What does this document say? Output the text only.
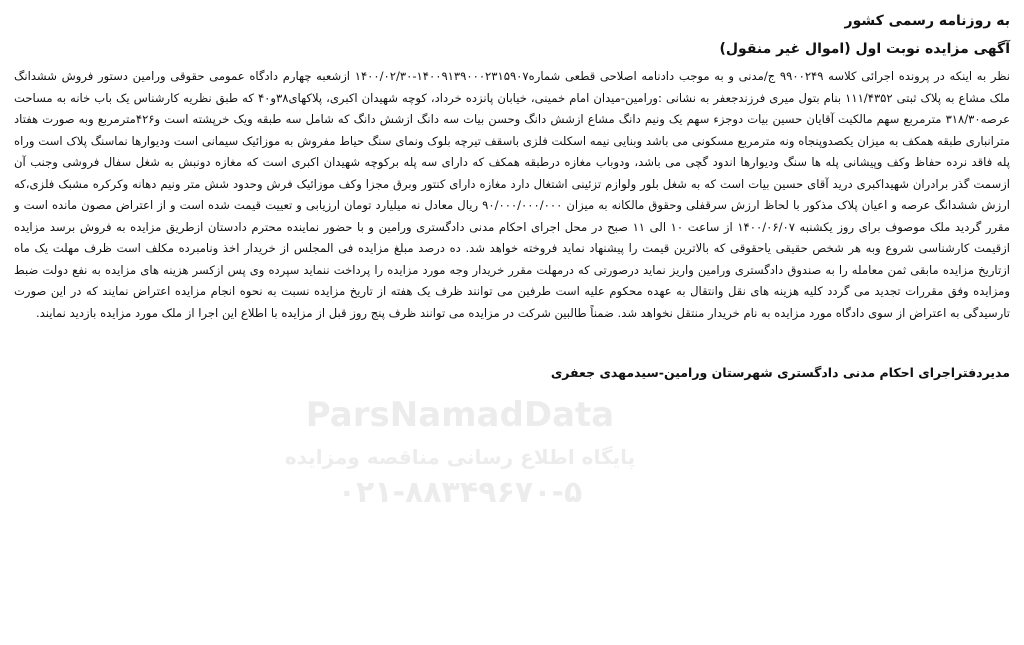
به روزنامه رسمی کشور
آگهی مزایده نوبت اول (اموال غیر منقول)

نظر به اینکه در پرونده اجرائی کلاسه ۹۹۰۰۲۴۹ ج/مدنی و به موجب دادنامه اصلاحی قطعی شماره۱۴۰۰۹۱۳۹۰۰۰۲۳۱۵۹۰۷-۱۴۰۰/۰۲/۳۰ ازشعبه چهارم دادگاه عمومی حقوقی ورامین دستور فروش ششدانگ ملک مشاع به پلاک ثبتی ۱۱۱/۴۳۵۲ بنام بتول میری فرزندجعفر به نشانی :ورامین-میدان امام خمینی، خیابان پانزده خرداد، کوچه شهیدان اکبری، پلاکهای۳۸و۴۰ که طبق نظریه کارشناس یک باب خانه به مساحت عرصه۳۱۸/۳۰ مترمربع سهم مالکیت آقایان حسین بیات دوجزء سهم یک ونیم دانگ مشاع ازشش دانگ وحسن بیات سه دانگ ازشش دانگ که شامل سه طبقه ویک خرپشته است و۴۲۶مترمربع وبه صورت هفتاد مترانباری طبقه همکف به میزان یکصدوپنجاه ونه مترمربع مسکونی می باشد وبنایی نیمه اسکلت فلزی باسقف تیرچه بلوک ونمای سنگ حیاط مفروش به موزائیک سیمانی است ودیوارها نماسنگ پلاک است وراه پله فاقد نرده حفاظ وکف وپیشانی پله ها سنگ ودیوارها اندود گچی می باشد، ودوباب مغازه درطبقه همکف که دارای سه پله برکوچه شهیدان اکبری است که مغازه دونبش به شغل سفال فروشی وجنب آن ازسمت گذر برادران شهیداکبری درید آقای حسین بیات است که به شغل بلور ولوازم تزئینی اشتغال دارد مغازه دارای کنتور وبرق مجزا وکف موزائیک فرش وحدود شش متر ونیم دهانه وکرکره مشبک فلزی،که ارزش ششدانگ عرصه و اعیان پلاک مذکور با لحاظ ارزش سرقفلی وحقوق مالکانه به میزان ۹۰/۰۰۰/۰۰۰/۰۰۰ ریال معادل نه میلیارد تومان ارزیابی و تعییت قیمت شده است و از اعتراض مصون مانده است و مقرر گردید ملک موصوف برای روز یکشنبه ۱۴۰۰/۰۶/۰۷ از ساعت ۱۰ الی ۱۱ صبح در محل اجرای احکام مدنی دادگستری ورامین و با حضور نماینده محترم دادستان ازطریق مزایده به فروش برسد مزایده ازقیمت کارشناسی شروع وبه هر شخص حقیقی یاحقوقی که بالاترین قیمت را پیشنهاد نماید فروخته خواهد شد. ده درصد مبلغ مزایده فی المجلس از خریدار اخذ ونامبرده مکلف است ظرف مهلت یک ماه ازتاریخ مزایده مابقی ثمن معامله را به صندوق دادگستری ورامین واریز نماید درصورتی که درمهلت مقرر خریدار وجه مورد مزایده را پرداخت ننماید سپرده وی پس ازکسر هزینه های مزایده به نفع دولت ضبط ومزایده وفق مقررات تجدید می گردد کلیه هزینه های نقل وانتقال به عهده محکوم علیه است طرفین می توانند ظرف یک هفته از تاریخ مزایده نسبت به نحوه انجام مزایده اعتراض نمایند که در این صورت تارسیدگی به اعتراض از سوی دادگاه مورد مزایده به نام خریدار منتقل نخواهد شد. ضمناً طالبین شرکت در مزایده می توانند ظرف پنج روز قبل از مزایده با اطلاع این اجرا از ملک مورد مزایده بازدید نمایند.

مدیردفتراجرای احکام مدنی دادگستری شهرستان ورامین-سیدمهدی جعفری
ParsNamadData
پایگاه اطلاع رسانی مناقصه ومزایده
۰۲۱-۸۸۳۴۹۶۷۰-۵
